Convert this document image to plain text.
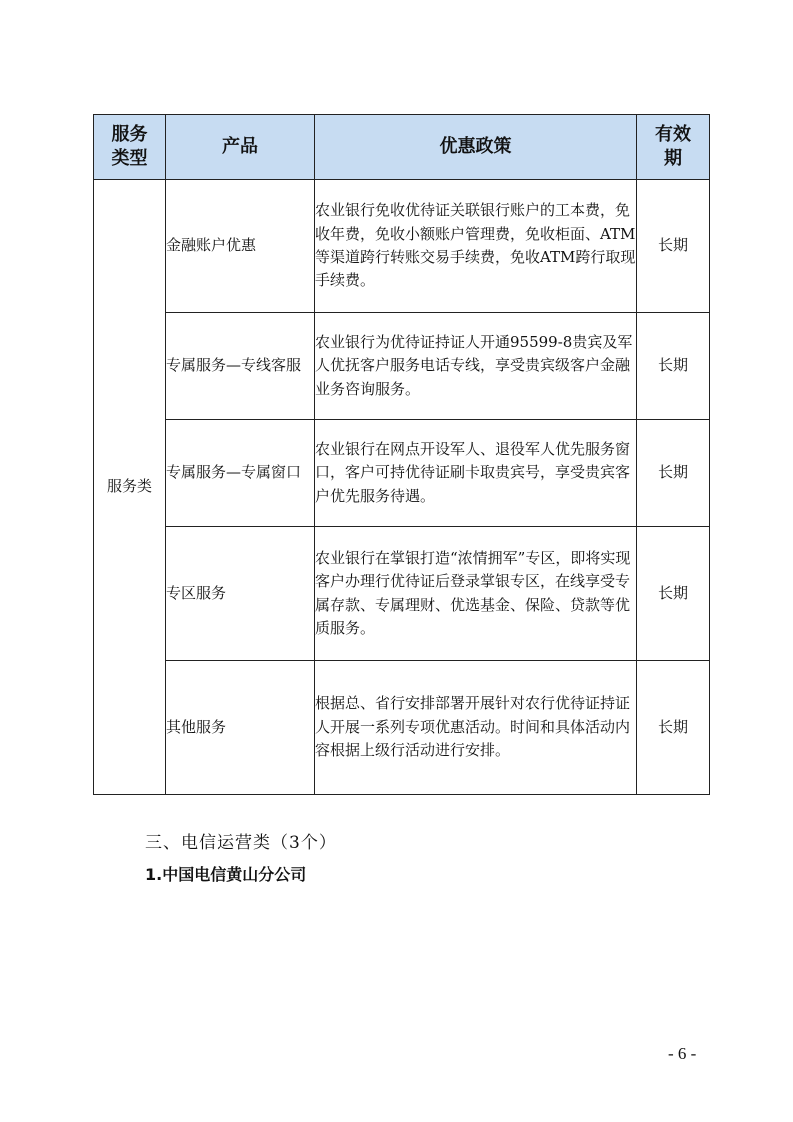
服务类型	产品	优惠政策	有效期
服务类	金融账户优惠	农业银行免收优待证关联银行账户的工本费，免收年费，免收小额账户管理费，免收柜面、ATM等渠道跨行转账交易手续费，免收ATM跨行取现手续费。	长期
	专属服务—专线客服	农业银行为优待证持证人开通95599-8贵宾及军人优抚客户服务电话专线，享受贵宾级客户金融业务咨询服务。	长期
	专属服务—专属窗口	农业银行在网点开设军人、退役军人优先服务窗口，客户可持优待证刷卡取贵宾号，享受贵宾客户优先服务待遇。	长期
	专区服务	农业银行在掌银打造“浓情拥军”专区，即将实现客户办理行优待证后登录掌银专区，在线享受专属存款、专属理财、优选基金、保险、贷款等优质服务。	长期
	其他服务	根据总、省行安排部署开展针对农行优待证持证人开展一系列专项优惠活动。时间和具体活动内容根据上级行活动进行安排。	长期
三、电信运营类（3个）
1.中国电信黄山分公司
- 6 -
